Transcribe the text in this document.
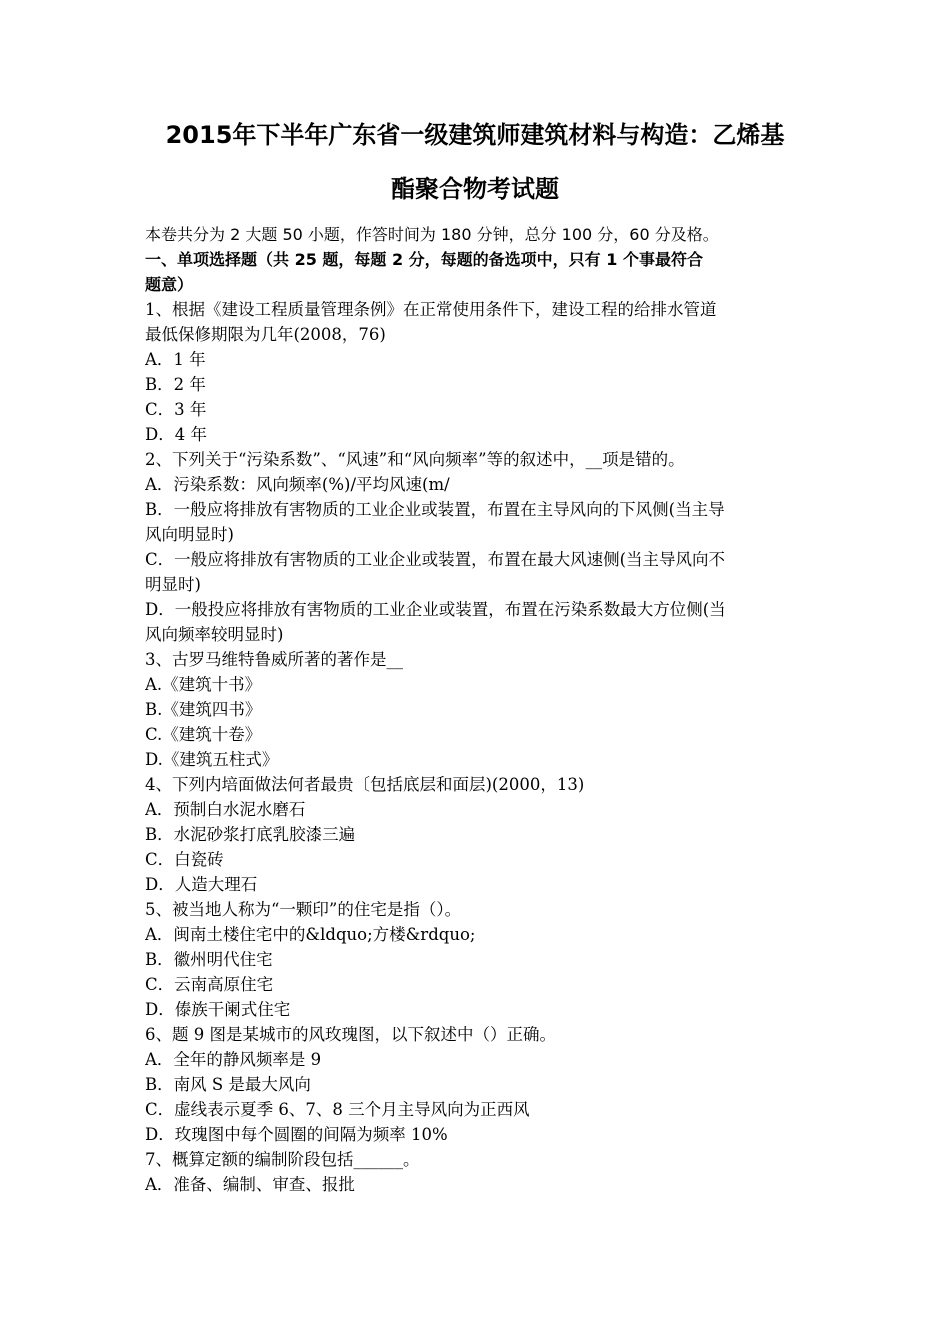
2015年下半年广东省一级建筑师建筑材料与构造：乙烯基
酯聚合物考试题

本卷共分为 2 大题 50 小题，作答时间为 180 分钟，总分 100 分，60 分及格。

一、单项选择题（共 25 题，每题 2 分，每题的备选项中，只有 1 个事最符合

题意）

1、根据《建设工程质量管理条例》在正常使用条件下，建设工程的给排水管道

最低保修期限为几年(2008，76)

A．1 年

B．2 年

C．3 年

D．4 年

2、下列关于“污染系数”、“风速”和“风向频率”等的叙述中，__项是错的。

A．污染系数：风向频率(%)/平均风速(m/

B．一般应将排放有害物质的工业企业或装置，布置在主导风向的下风侧(当主导

风向明显时)

C．一般应将排放有害物质的工业企业或装置，布置在最大风速侧(当主导风向不

明显时)

D．一般投应将排放有害物质的工业企业或装置，布置在污染系数最大方位侧(当

风向频率较明显时)

3、古罗马维特鲁威所著的著作是__

A.《建筑十书》

B.《建筑四书》

C.《建筑十卷》

D.《建筑五柱式》

4、下列内培面做法何者最贵〔包括底层和面层)(2000，13)

A．预制白水泥水磨石

B．水泥砂浆打底乳胶漆三遍

C．白瓷砖

D．人造大理石

5、被当地人称为“一颗印”的住宅是指（）。

A．闽南土楼住宅中的&ldquo;方楼&rdquo;

B．徽州明代住宅

C．云南高原住宅

D．傣族干阑式住宅

6、题 9 图是某城市的风玫瑰图，以下叙述中（）正确。

A．全年的静风频率是 9

B．南风 S 是最大风向

C．虚线表示夏季 6、7、8 三个月主导风向为正西风

D．玫瑰图中每个圆圈的间隔为频率 10%

7、概算定额的编制阶段包括______。

A．准备、编制、审查、报批
